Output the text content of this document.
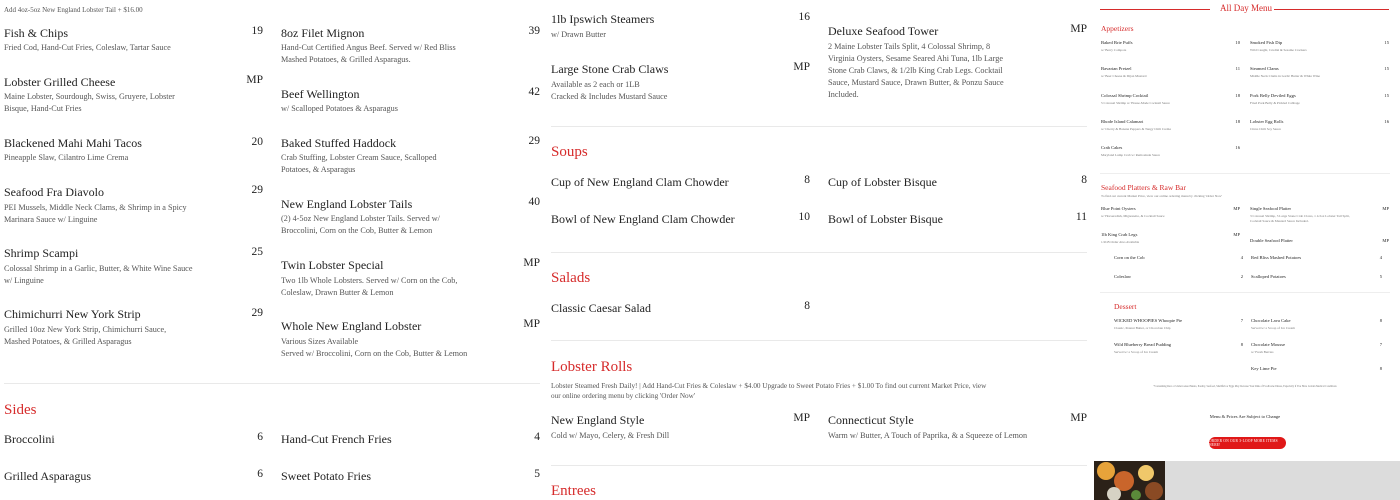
Add 4oz-5oz New England Lobster Tail + $16.00
Fish & Chips	19
Fried Cod, Hand-Cut Fries, Coleslaw, Tartar Sauce
Lobster Grilled Cheese	MP
Maine Lobster, Sourdough, Swiss, Gruyere, Lobster Bisque, Hand-Cut Fries
Blackened Mahi Mahi Tacos	20
Pineapple Slaw, Cilantro Lime Crema
Seafood Fra Diavolo	29
PEI Mussels, Middle Neck Clams, & Shrimp in a Spicy Marinara Sauce w/ Linguine
Shrimp Scampi	25
Colossal Shrimp in a Garlic, Butter, & White Wine Sauce w/ Linguine
Chimichurri New York Strip	29
Grilled 10oz New York Strip, Chimichurri Sauce, Mashed Potatoes, & Grilled Asparagus
8oz Filet Mignon	39
Hand-Cut Certified Angus Beef. Served w/ Red Bliss Mashed Potatoes, & Grilled Asparagus.
Beef Wellington	42
w/ Scalloped Potatoes & Asparagus
Baked Stuffed Haddock	29
Crab Stuffing, Lobster Cream Sauce, Scalloped Potatoes, & Asparagus
New England Lobster Tails	40
(2) 4-5oz New England Lobster Tails. Served w/ Broccolini, Corn on the Cob, Butter & Lemon
Twin Lobster Special	MP
Two 1lb Whole Lobsters. Served w/ Corn on the Cob, Coleslaw, Drawn Butter & Lemon
Whole New England Lobster	MP
Various Sizes Available
Served w/ Broccolini, Corn on the Cob, Butter & Lemon
Sides
Broccolini	6 Hand-Cut French Fries	4
Grilled Asparagus	6 Sweet Potato Fries	5
1lb Ipswich Steamers	16
w/ Drawn Butter
Large Stone Crab Claws	MP
Available as 2 each or 1LB
Cracked & Includes Mustard Sauce
Deluxe Seafood Tower	MP
2 Maine Lobster Tails Split, 4 Colossal Shrimp, 8 Virginia Oysters, Sesame Seared Ahi Tuna, 1lb Large Stone Crab Claws, & 1/2lb King Crab Legs. Cocktail Sauce, Mustard Sauce, Drawn Butter, & Ponzu Sauce Included.
Soups
Cup of New England Clam Chowder	8 Cup of Lobster Bisque	8
Bowl of New England Clam Chowder	10 Bowl of Lobster Bisque	11
Salads
Classic Caesar Salad	8
Lobster Rolls
Lobster Steamed Fresh Daily! | Add Hand-Cut Fries & Coleslaw + $4.00 Upgrade to Sweet Potato Fries + $1.00 To find out current Market Price, view our online ordering menu by clicking 'Order Now'
New England Style	MP
Cold w/ Mayo, Celery, & Fresh Dill
Connecticut Style	MP
Warm w/ Butter, A Touch of Paprika, & a Squeeze of Lemon
Entrees
All Day Menu
Appetizers
Baked Brie Puffs	10
w/ Berry Compote
Smoked Fish Dip	15
Wild Caught, Crudité & Sesame Crackers
Bavarian Pretzel	11
w/ Beer Cheese & Dijon Mustard
Steamed Clams	15
Middle Neck Clams in Garlic Butter & White Wine
Colossal Shrimp Cocktail	18
5 Colossal Shrimp w/ House-Made Cocktail Sauce
Pork Belly Deviled Eggs	15
Fried Pork Belly & Pickled Cabbage
Rhode Island Calamari	18
w/ Cherry & Banana Peppers & Tangy Chili Crema
Lobster Egg Rolls	16
Citrus Chili Soy Sauce
Crab Cakes	16
Maryland Lump Crab w/ Remoulade Sauce
Seafood Platters & Raw Bar
To find out current Market Price, view our online ordering menu by clicking 'Order Now'
Blue Point Oysters	MP
w/ Horseradish, Mignonette, & Cocktail Sauce
Single Seafood Platter	MP
3 Colossal Shrimp, 3 Large Stone Crab Claws, 1 4-5oz Lobster Tail Split, Cocktail Sauce & Mustard Sauce Included.
1lb King Crab Legs	MP
1/2LB Order Also Available	Double Seafood Platter	MP
Corn on the Cob	4 Red Bliss Mashed Potatoes	4
Coleslaw	2 Scalloped Potatoes	5
Dessert
WICKED WHOOPIES Whoopie Pie	7
Classic, Peanut Butter, or Chocolate Chip
Chocolate Lava Cake	8
Served w/ a Scoop of Ice Cream
Wild Blueberry Bread Pudding	8
Served w/ a Scoop of Ice Cream
Chocolate Mousse	7
w/ Fresh Berries
Key Lime Pie	8
*Consuming Raw or Undercooked Meats, Poultry, Seafood, Shellfish or Eggs May Increase Your Risk of Foodborne Illness, Especially if You Have Certain Medical Conditions
Menu & Prices Are Subject to Change
ORDER ON OUR 3-LOOP MORE ITEMS HERE!
